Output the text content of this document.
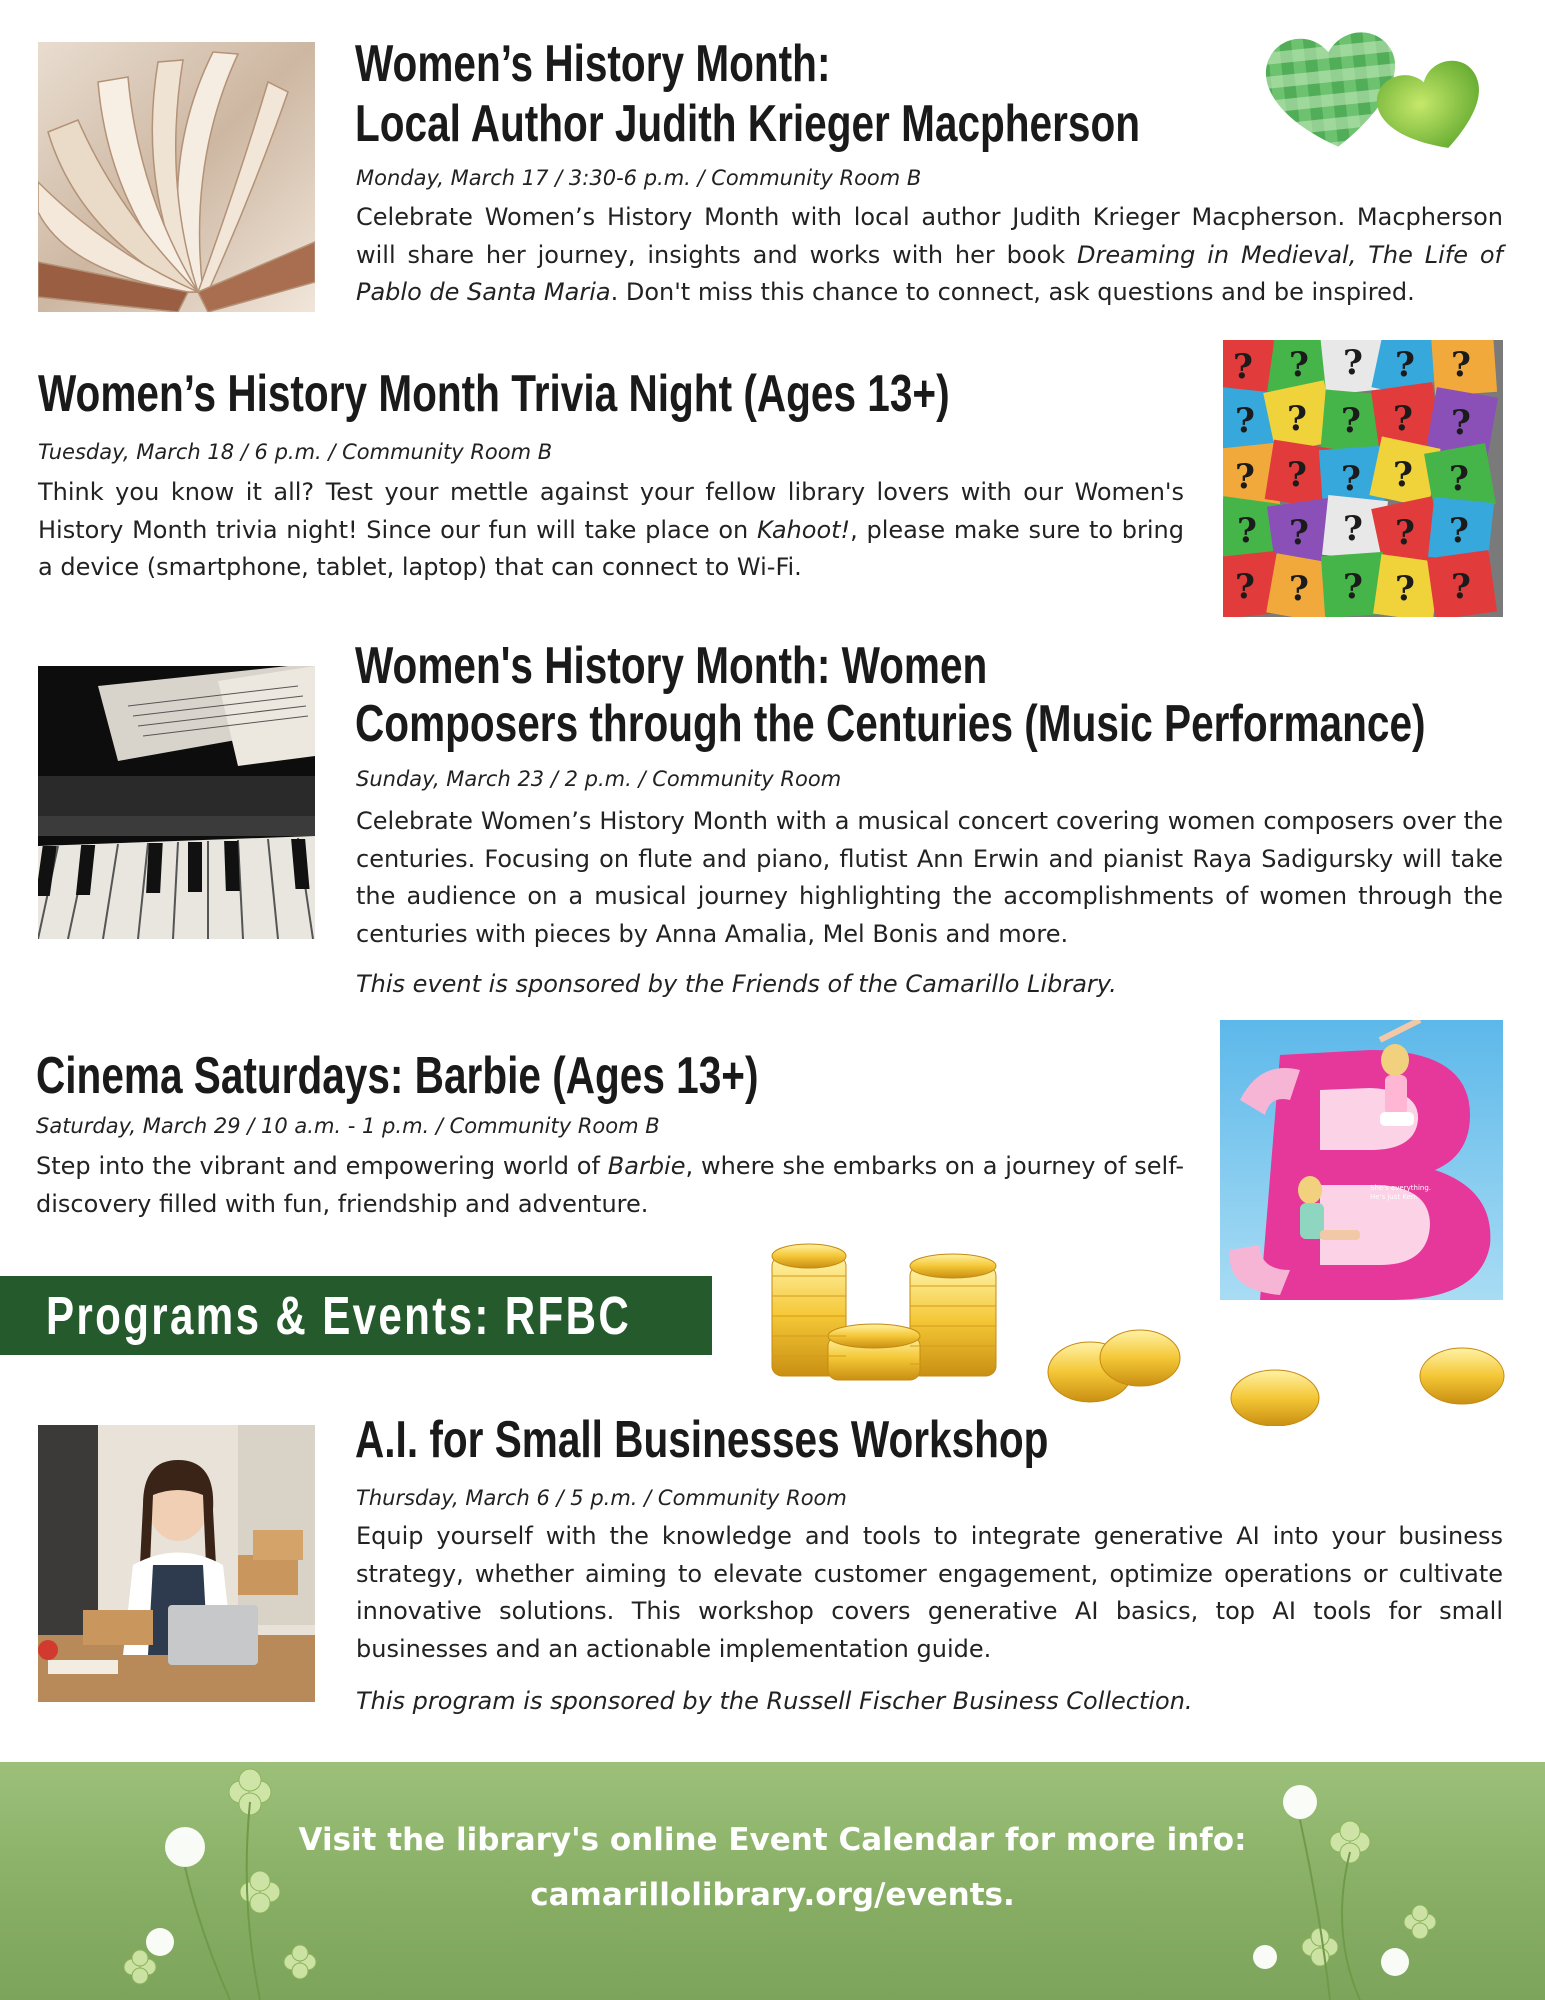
Women’s History Month:
Local Author Judith Krieger Macpherson
Monday, March 17 / 3:30-6 p.m. / Community Room B
Celebrate Women’s History Month with local author Judith Krieger Macpherson. Macpherson will share her journey, insights and works with her book Dreaming in Medieval, The Life of Pablo de Santa Maria. Don't miss this chance to connect, ask questions and be inspired.
Women’s History Month Trivia Night (Ages 13+)
Tuesday, March 18 / 6 p.m. / Community Room B
Think you know it all? Test your mettle against your fellow library lovers with our Women's History Month trivia night! Since our fun will take place on Kahoot!, please make sure to bring a device (smartphone, tablet, laptop) that can connect to Wi-Fi.
? ? ? ? ?
? ? ? ? ?
? ? ? ? ?
? ? ? ? ?
? ? ? ? ?
Women's History Month: Women
Composers through the Centuries (Music Performance)
Sunday, March 23 / 2 p.m. / Community Room
Celebrate Women’s History Month with a musical concert covering women composers over the centuries. Focusing on flute and piano, flutist Ann Erwin and pianist Raya Sadigursky will take the audience on a musical journey highlighting the accomplishments of women through the centuries with pieces by Anna Amalia, Mel Bonis and more.
This event is sponsored by the Friends of the Camarillo Library.
Cinema Saturdays: Barbie (Ages 13+)
Saturday, March 29 / 10 a.m. - 1 p.m. / Community Room B
Step into the vibrant and empowering world of Barbie, where she embarks on a journey of self-discovery filled with fun, friendship and adventure.
She's everything.
He's just Ken.
Programs & Events: RFBC
A.I. for Small Businesses Workshop
Thursday, March 6 / 5 p.m. / Community Room
Equip yourself with the knowledge and tools to integrate generative AI into your business strategy, whether aiming to elevate customer engagement, optimize operations or cultivate innovative solutions. This workshop covers generative AI basics, top AI tools for small businesses and an actionable implementation guide.
This program is sponsored by the Russell Fischer Business Collection.
Visit the library's online Event Calendar for more info:
camarillolibrary.org/events.
